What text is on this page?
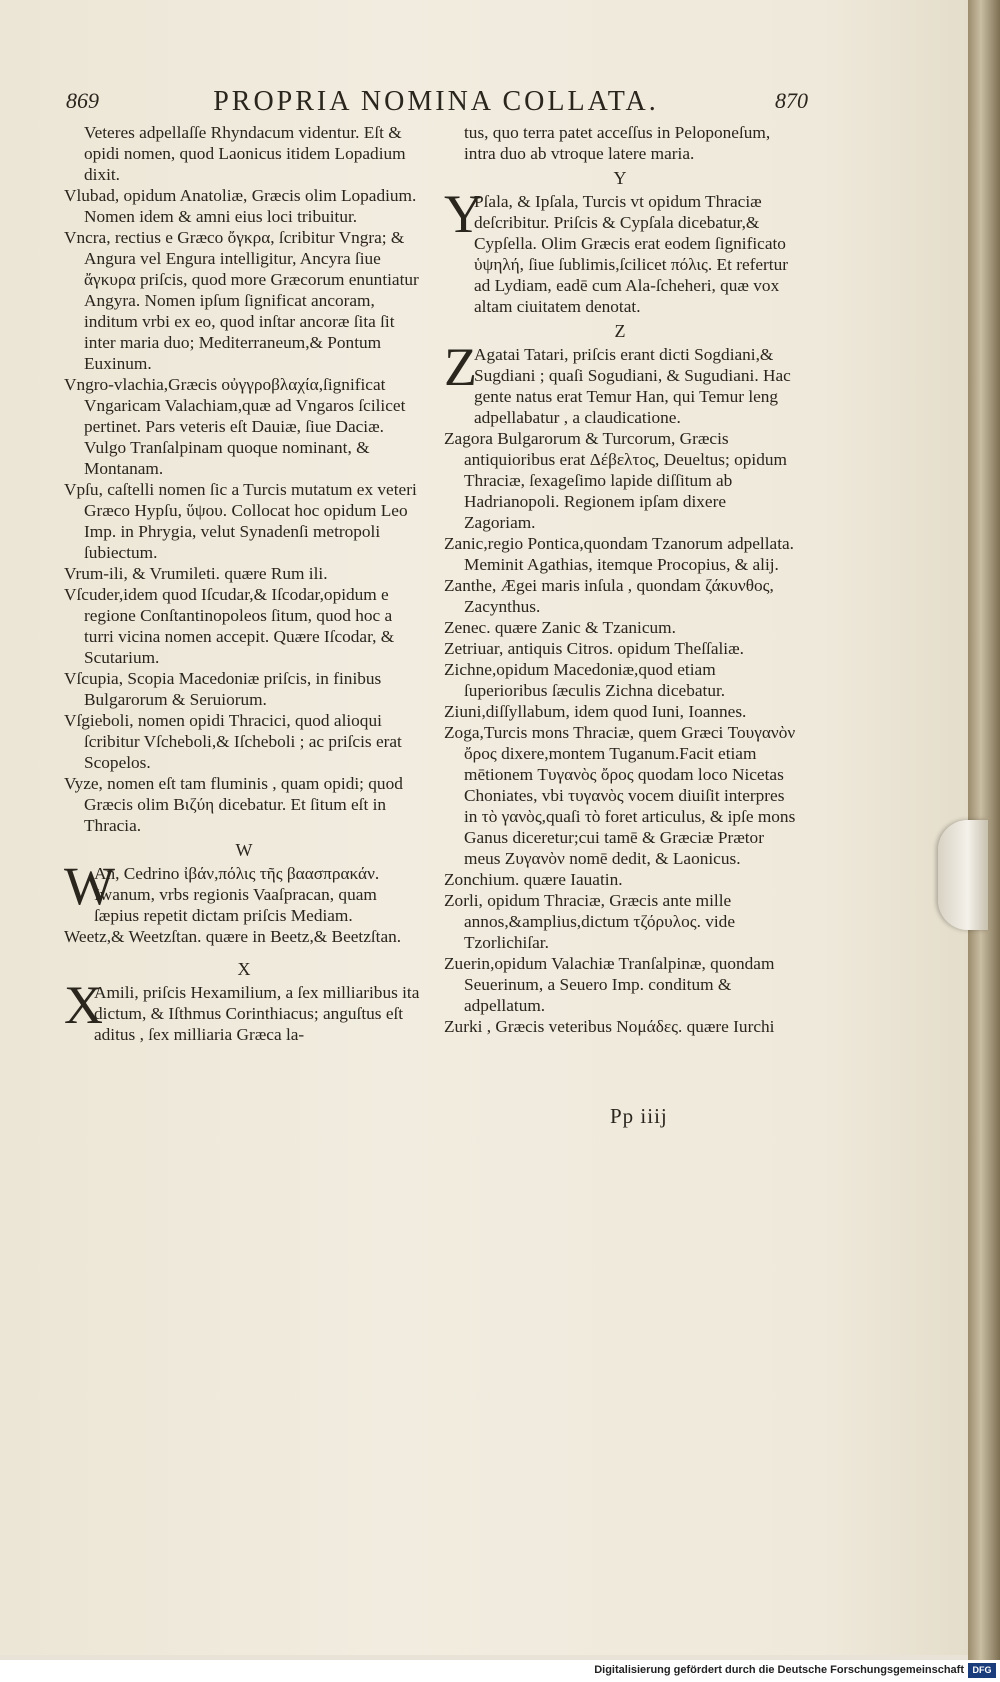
869	PROPRIA NOMINA COLLATA.	870
Veteres adpellaſſe Rhyndacum videntur. Eſt & opidi nomen, quod Laonicus itidem Lopadium dixit.
Vlubad, opidum Anatoliæ, Græcis olim Lopadium. Nomen idem & amni eius loci tribuitur.
Vncra, rectius e Græco ὄγκρα, ſcribitur Vngra; & Angura vel Engura intelligitur, Ancyra ſiue ἄγκυρα priſcis, quod more Græcorum enuntiatur Angyra. Nomen ipſum ſignificat ancoram, inditum vrbi ex eo, quod inſtar ancoræ ſita ſit inter maria duo; Mediterraneum,& Pontum Euxinum.
Vngro-vlachia,Græcis οὐγγροβλαχία,ſignificat Vngaricam Valachiam,quæ ad Vngaros ſcilicet pertinet. Pars veteris eſt Dauiæ, ſiue Daciæ. Vulgo Tranſalpinam quoque nominant, & Montanam.
Vpſu, caſtelli nomen ſic a Turcis mutatum ex veteri Græco Hypſu, ὕψου. Collocat hoc opidum Leo Imp. in Phrygia, velut Synadenſi metropoli ſubiectum.
Vrum-ili, & Vrumileti. quære Rum ili.
Vſcuder,idem quod Iſcudar,& Iſcodar,opidum e regione Conſtantinopoleos ſitum, quod hoc a turri vicina nomen accepit. Quære Iſcodar, & Scutarium.
Vſcupia, Scopia Macedoniæ priſcis, in finibus Bulgarorum & Seruiorum.
Vſgieboli, nomen opidi Thracici, quod alioqui ſcribitur Vſcheboli,& Iſcheboli ; ac priſcis erat Scopelos.
Vyze, nomen eſt tam fluminis , quam opidi; quod Græcis olim Βιζύη dicebatur. Et ſitum eſt in Thracia.
W
W
An, Cedrino ἰβάν,πόλις τῆς βαασπρακάν. Iwanum, vrbs regionis Vaaſpracan, quam ſæpius repetit dictam priſcis Mediam.
Weetz,& Weetzſtan. quære in Beetz,& Beetzſtan.
X
X
Amili, priſcis Hexamilium, a ſex milliaribus ita dictum, & Iſthmus Corinthiacus; anguſtus eſt aditus , ſex milliaria Græca la-
tus, quo terra patet acceſſus in Peloponeſum, intra duo ab vtroque latere maria.
Y
Y
Pſala, & Ipſala, Turcis vt opidum Thraciæ deſcribitur. Priſcis & Cypſala dicebatur,& Cypſella. Olim Græcis erat eodem ſignificato ὑψηλή, ſiue ſublimis,ſcilicet πόλις. Et refertur ad Lydiam, eadē cum Ala-ſcheheri, quæ vox altam ciuitatem denotat.
Z
Z
Agatai Tatari, priſcis erant dicti Sogdiani,& Sugdiani ; quaſi Sogudiani, & Sugudiani. Hac gente natus erat Temur Han, qui Temur leng adpellabatur , a claudicatione.
Zagora Bulgarorum & Turcorum, Græcis antiquioribus erat Δέβελτος, Deueltus; opidum Thraciæ, ſexageſimo lapide diſſitum ab Hadrianopoli. Regionem ipſam dixere Zagoriam.
Zanic,regio Pontica,quondam Tzanorum adpellata. Meminit Agathias, itemque Procopius, & alij.
Zanthe, Ægei maris inſula , quondam ζάκυνθος, Zacynthus.
Zenec. quære Zanic & Tzanicum.
Zetriuar, antiquis Citros. opidum Theſſaliæ.
Zichne,opidum Macedoniæ,quod etiam ſuperioribus ſæculis Zichna dicebatur.
Ziuni,diſſyllabum, idem quod Iuni, Ioannes.
Zoga,Turcis mons Thraciæ, quem Græci Τουγανὸν ὄρος dixere,montem Tuganum.Facit etiam mētionem Τυγανὸς ὄρος quodam loco Nicetas Choniates, vbi τυγανὸς vocem diuiſit interpres in τὸ γανὸς,quaſi τὸ foret articulus, & ipſe mons Ganus diceretur;cui tamē & Græciæ Prætor meus Ζυγανὸν nomē dedit, & Laonicus.
Zonchium. quære Iauatin.
Zorli, opidum Thraciæ, Græcis ante mille annos,&amplius,dictum τζόρυλος. vide Tzorlichiſar.
Zuerin,opidum Valachiæ Tranſalpinæ, quondam Seuerinum, a Seuero Imp. conditum & adpellatum.
Zurki , Græcis veteribus Νομάδες. quære Iurchi
Pp iiij
Digitalisierung gefördert durch die Deutsche Forschungsgemeinschaft DFG
